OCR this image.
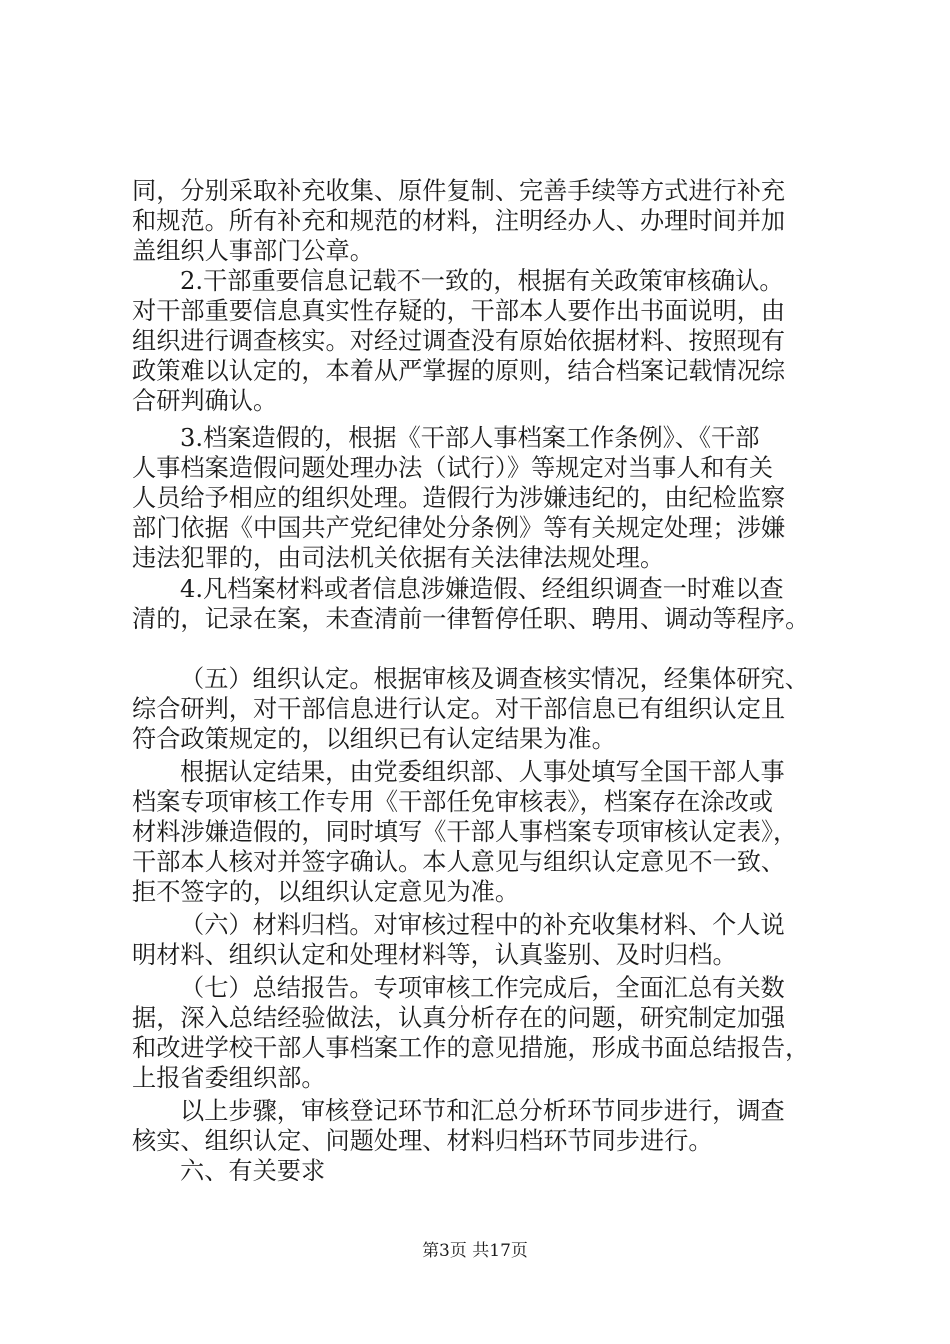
同，分别采取补充收集、原件复制、完善手续等方式进行补充
和规范。所有补充和规范的材料，注明经办人、办理时间并加
盖组织人事部门公章。
2.干部重要信息记载不一致的，根据有关政策审核确认。
对干部重要信息真实性存疑的，干部本人要作出书面说明，由
组织进行调查核实。对经过调查没有原始依据材料、按照现有
政策难以认定的，本着从严掌握的原则，结合档案记载情况综
合研判确认。
3.档案造假的，根据《干部人事档案工作条例》、《干部
人事档案造假问题处理办法（试行）》等规定对当事人和有关
人员给予相应的组织处理。造假行为涉嫌违纪的，由纪检监察
部门依据《中国共产党纪律处分条例》等有关规定处理；涉嫌
违法犯罪的，由司法机关依据有关法律法规处理。
4.凡档案材料或者信息涉嫌造假、经组织调查一时难以查
清的，记录在案，未查清前一律暂停任职、聘用、调动等程序。
（五）组织认定。根据审核及调查核实情况，经集体研究、
综合研判，对干部信息进行认定。对干部信息已有组织认定且
符合政策规定的，以组织已有认定结果为准。
根据认定结果，由党委组织部、人事处填写全国干部人事
档案专项审核工作专用《干部任免审核表》，档案存在涂改或
材料涉嫌造假的，同时填写《干部人事档案专项审核认定表》，
干部本人核对并签字确认。本人意见与组织认定意见不一致、
拒不签字的，以组织认定意见为准。
（六）材料归档。对审核过程中的补充收集材料、个人说
明材料、组织认定和处理材料等，认真鉴别、及时归档。
（七）总结报告。专项审核工作完成后，全面汇总有关数
据，深入总结经验做法，认真分析存在的问题，研究制定加强
和改进学校干部人事档案工作的意见措施，形成书面总结报告，
上报省委组织部。
以上步骤，审核登记环节和汇总分析环节同步进行，调查
核实、组织认定、问题处理、材料归档环节同步进行。
六、有关要求
第3页 共17页
